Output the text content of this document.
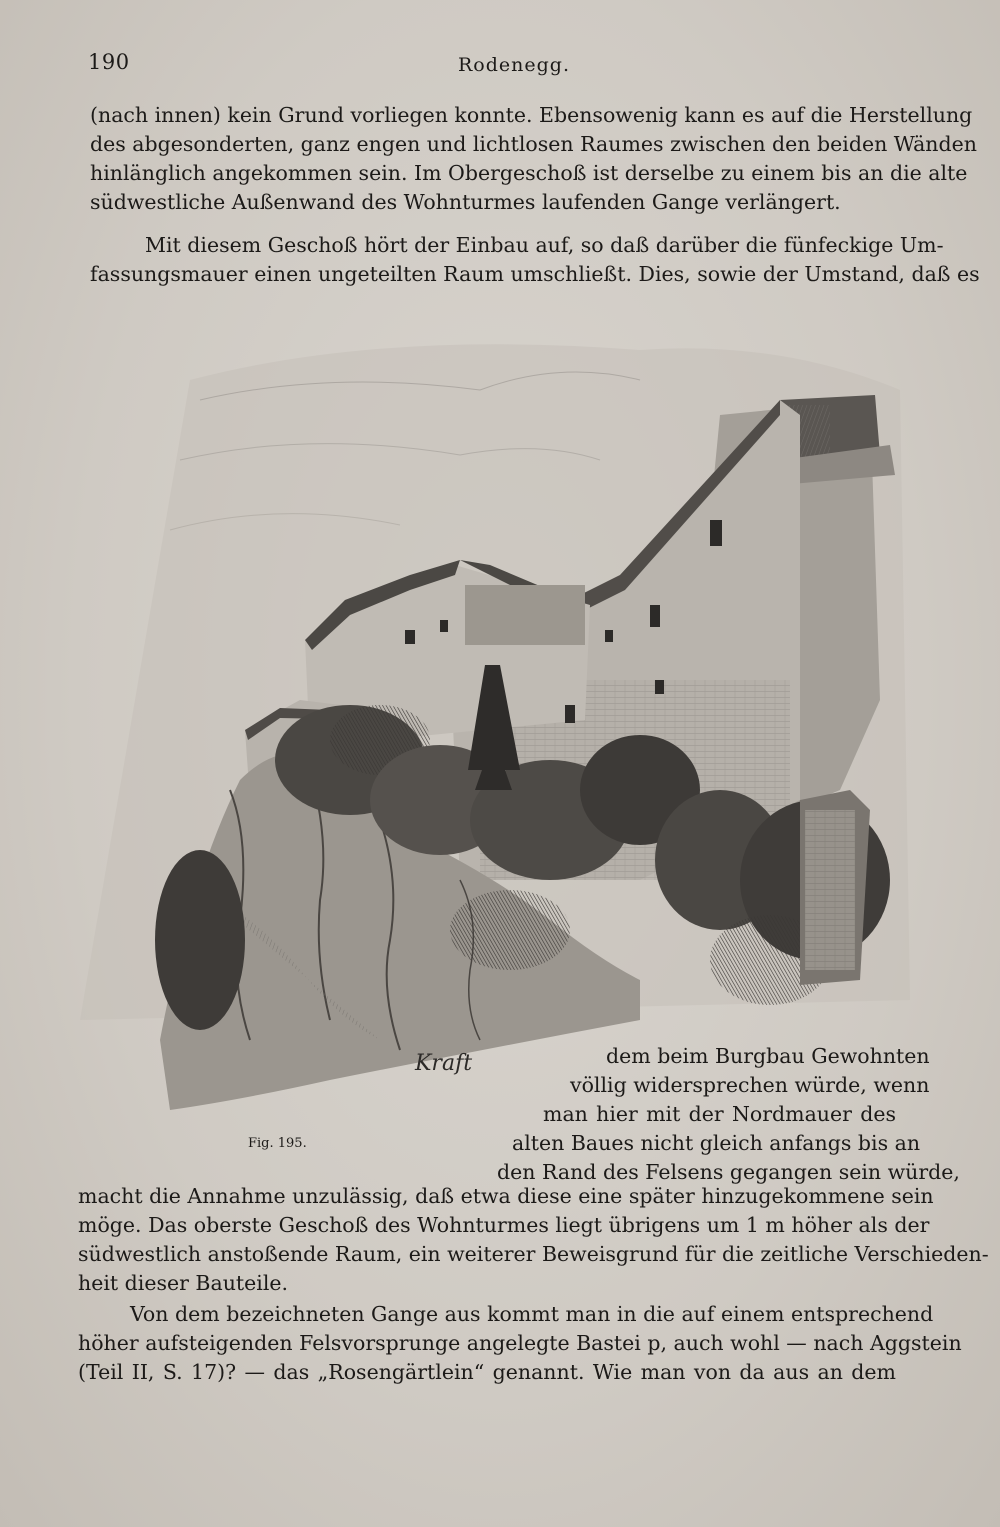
190	Rodenegg.
(nach innen) kein Grund vorliegen konnte. Ebensowenig kann es auf die Herstellung
des abgesonderten, ganz engen und lichtlosen Raumes zwischen den beiden Wänden
hinlänglich angekommen sein. Im Obergeschoß ist derselbe zu einem bis an die alte
südwestliche Außenwand des Wohnturmes laufenden Gange verlängert.
Mit diesem Geschoß hört der Einbau auf, so daß darüber die fünfeckige Um-
fassungsmauer einen ungeteilten Raum umschließt. Dies, sowie der Umstand, daß es
Kraft	dem beim Burgbau Gewohnten
völlig widersprechen würde, wenn
man hier mit der Nordmauer des
alten Baues nicht gleich anfangs bis an
den Rand des Felsens gegangen sein würde,
Fig. 195.
macht die Annahme unzulässig, daß etwa diese eine später hinzugekommene sein
möge. Das oberste Geschoß des Wohnturmes liegt übrigens um 1 m höher als der
südwestlich anstoßende Raum, ein weiterer Beweisgrund für die zeitliche Verschieden-
heit dieser Bauteile.
Von dem bezeichneten Gange aus kommt man in die auf einem entsprechend
höher aufsteigenden Felsvorsprunge angelegte Bastei p, auch wohl — nach Aggstein
(Teil II, S. 17)? — das „Rosengärtlein“ genannt. Wie man von da aus an dem
